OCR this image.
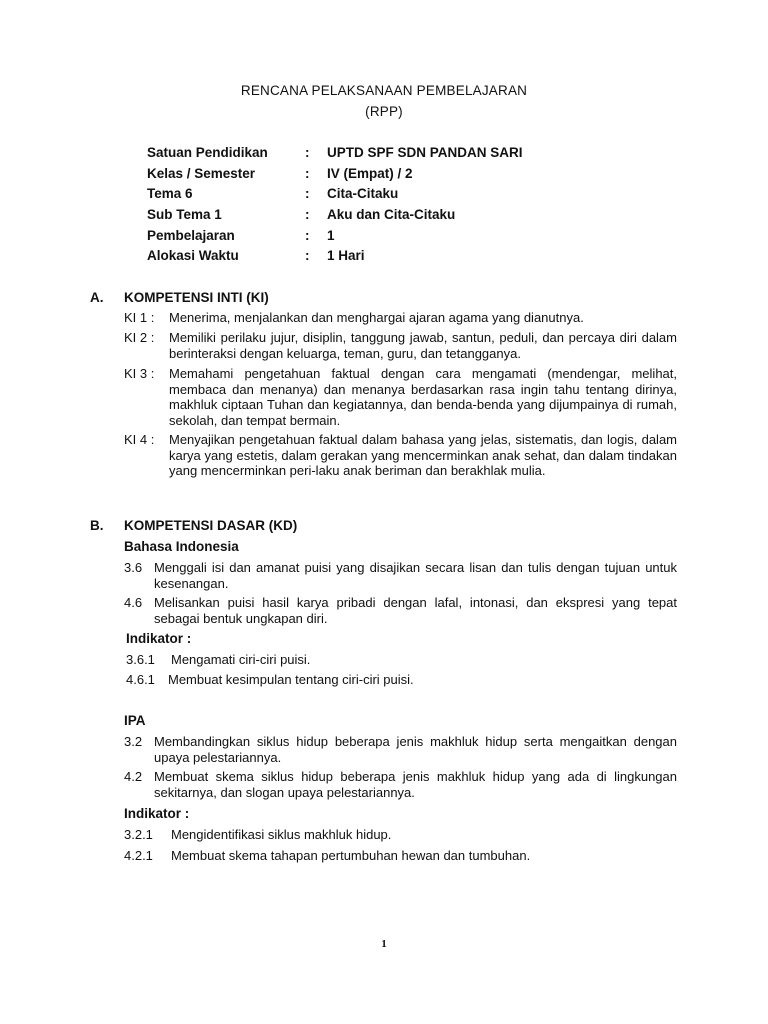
RENCANA PELAKSANAAN PEMBELAJARAN
(RPP)
Satuan Pendidikan	: UPTD SPF SDN PANDAN SARI
Kelas / Semester	: IV (Empat) / 2
Tema 6	: Cita-Citaku
Sub Tema 1	: Aku dan Cita-Citaku
Pembelajaran	: 1
Alokasi Waktu	: 1 Hari
A. KOMPETENSI INTI (KI)
KI 1 : Menerima, menjalankan dan menghargai ajaran agama yang dianutnya.
KI 2 : Memiliki perilaku jujur, disiplin, tanggung jawab, santun, peduli, dan percaya diri dalam berinteraksi dengan keluarga, teman, guru, dan tetangganya.
KI 3 : Memahami pengetahuan faktual dengan cara mengamati (mendengar, melihat, membaca dan menanya) dan menanya berdasarkan rasa ingin tahu tentang dirinya, makhluk ciptaan Tuhan dan kegiatannya, dan benda-benda yang dijumpainya di rumah, sekolah, dan tempat bermain.
KI 4 : Menyajikan pengetahuan faktual dalam bahasa yang jelas, sistematis, dan logis, dalam karya yang estetis, dalam gerakan yang mencerminkan anak sehat, dan dalam tindakan yang mencerminkan peri-laku anak beriman dan berakhlak mulia.
B. KOMPETENSI DASAR (KD)
Bahasa Indonesia
3.6 Menggali isi dan amanat puisi yang disajikan secara lisan dan tulis dengan tujuan untuk kesenangan.
4.6 Melisankan puisi hasil karya pribadi dengan lafal, intonasi, dan ekspresi yang tepat sebagai bentuk ungkapan diri.
Indikator :
3.6.1 Mengamati ciri-ciri puisi.
4.6.1 Membuat kesimpulan tentang ciri-ciri puisi.
IPA
3.2 Membandingkan siklus hidup beberapa jenis makhluk hidup serta mengaitkan dengan upaya pelestariannya.
4.2 Membuat skema siklus hidup beberapa jenis makhluk hidup yang ada di lingkungan sekitarnya, dan slogan upaya pelestariannya.
Indikator :
3.2.1 Mengidentifikasi siklus makhluk hidup.
4.2.1 Membuat skema tahapan pertumbuhan hewan dan tumbuhan.
1
